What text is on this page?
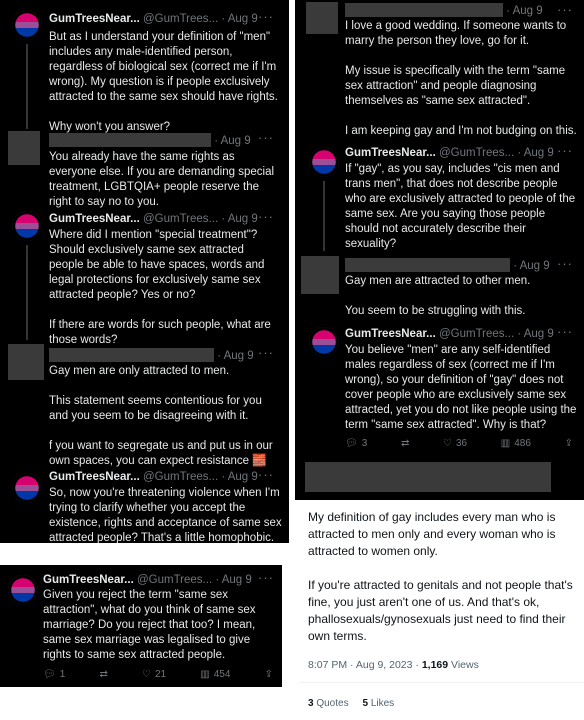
GumTreesNear... @GumTrees... · Aug 9 ···
But as I understand your definition of "men" includes any male-identified person, regardless of biological sex (correct me if I'm wrong). My question is if people exclusively attracted to the same sex should have rights.

Why won't you answer?
· Aug 9 ···
You already have the same rights as everyone else. If you are demanding special treatment, LGBTQIA+ people reserve the right to say no to you.
GumTreesNear... @GumTrees... · Aug 9 ···
Where did I mention "special treatment"? Should exclusively same sex attracted people be able to have spaces, words and legal protections for exclusively same sex attracted people? Yes or no?

If there are words for such people, what are those words?
· Aug 9 ···
Gay men are only attracted to men.

This statement seems contentious for you and you seem to be disagreeing with it.

f you want to segregate us and put us in our own spaces, you can expect resistance 🧱
GumTreesNear... @GumTrees... · Aug 9 ···
So, now you're threatening violence when I'm trying to clarify whether you accept the existence, rights and acceptance of same sex attracted people? That's a little homophobic.
GumTreesNear... @GumTrees... · Aug 9 ···
Given you reject the term "same sex attraction", what do you think of same sex marriage? Do you reject that too? I mean, same sex marriage was legalised to give rights to same sex attracted people.
💬︎ 1	⇄	♡ 21	▥ 454	⇪
· Aug 9 ···
I love a good wedding. If someone wants to marry the person they love, go for it.

My issue is specifically with the term "same sex attraction" and people diagnosing themselves as "same sex attracted".

I am keeping gay and I'm not budging on this.
GumTreesNear... @GumTrees... · Aug 9 ···
If "gay", as you say, includes "cis men and trans men", that does not describe people who are exclusively attracted to people of the same sex. Are you saying those people should not accurately describe their sexuality?
· Aug 9 ···
Gay men are attracted to other men.

You seem to be struggling with this.
GumTreesNear... @GumTrees... · Aug 9 ···
You believe "men" are any self-identified males regardless of sex (correct me if I'm wrong), so your definition of "gay" does not cover people who are exclusively same sex attracted, yet you do not like people using the term "same sex attracted". Why is that?
💬︎ 3	⇄	♡ 36	▥ 486	⇪
My definition of gay includes every man who is attracted to men only and every woman who is attracted to women only.

If you're attracted to genitals and not people that's fine, you just aren't one of us. And that's ok, phallosexuals/gynosexuals just need to find their own terms.
8:07 PM · Aug 9, 2023 · 1,169 Views
3 Quotes 5 Likes
